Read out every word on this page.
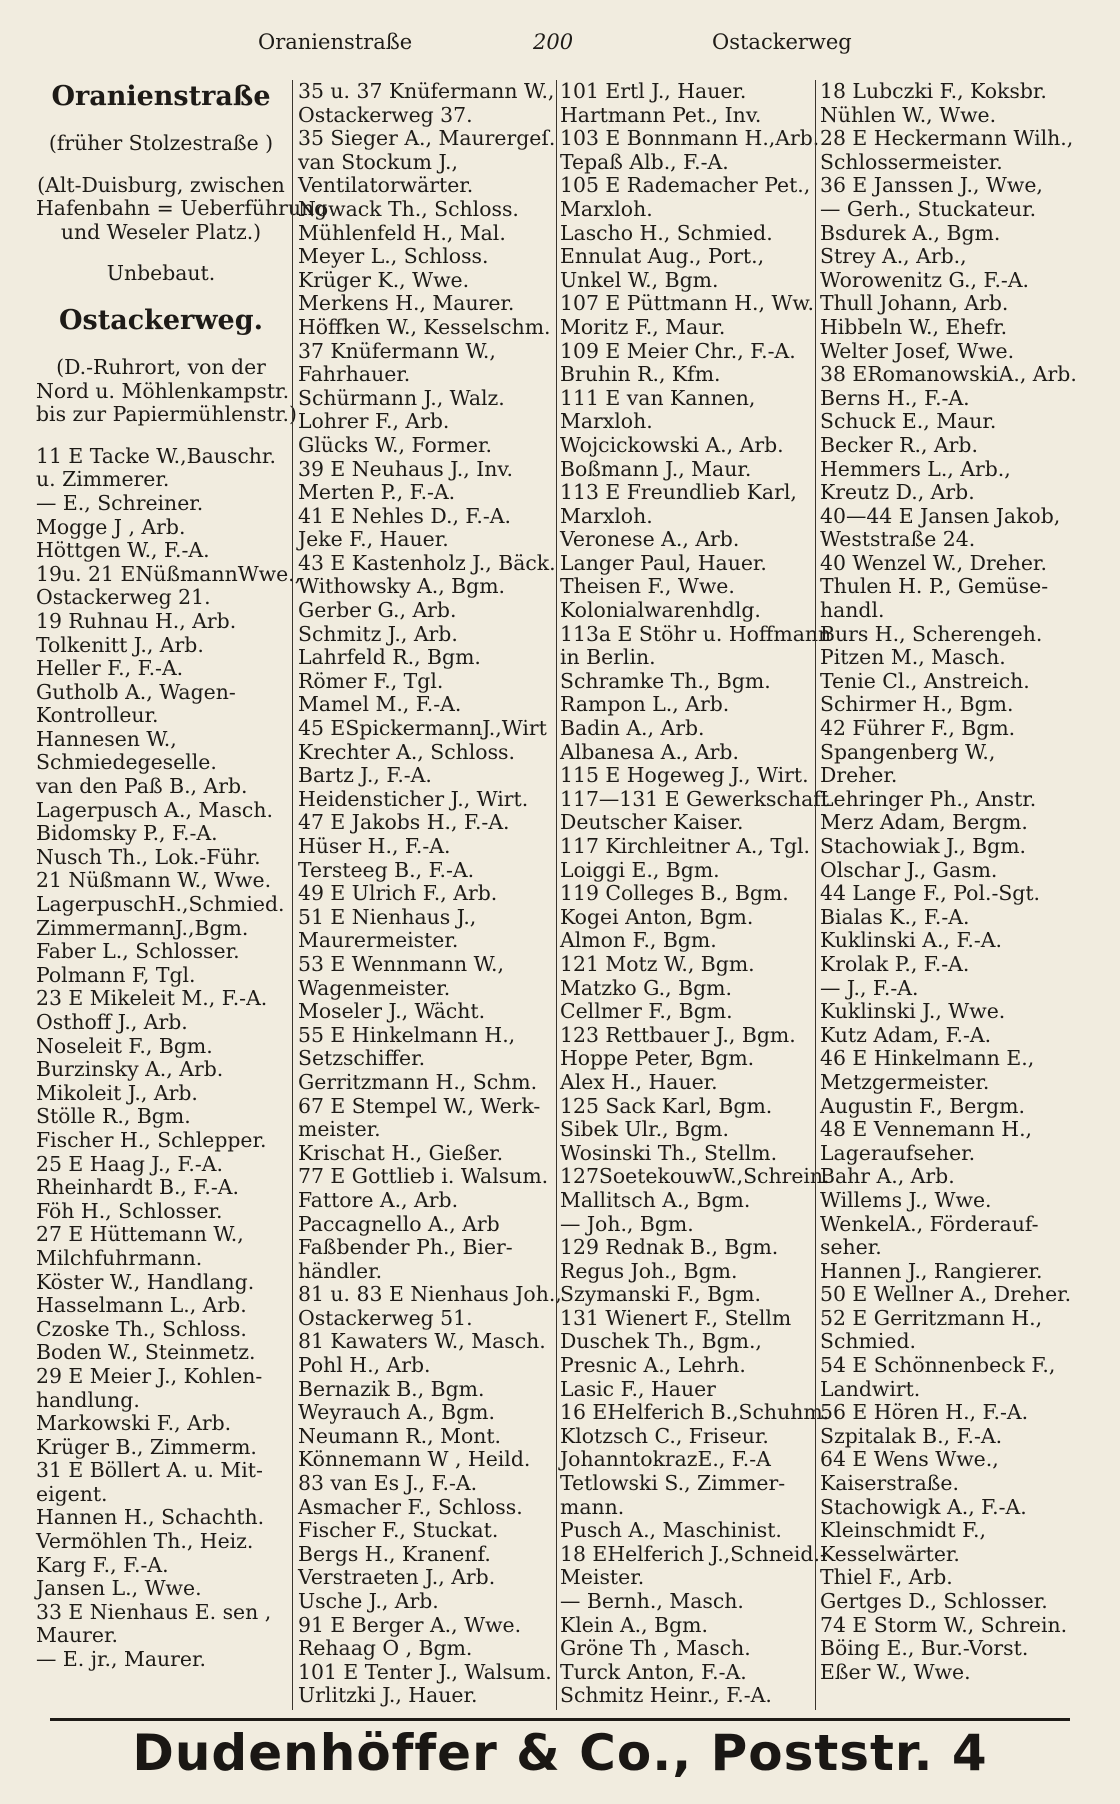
Oranienstraße	200	Ostackerweg
Oranienstraße
(früher Stolzestraße )
(Alt-Duisburg, zwischen
Hafenbahn = Ueberführung
und Weseler Platz.)
Unbebaut.
Ostackerweg.
(D.-Ruhrort, von der
Nord u. Möhlenkampstr.
bis zur Papiermühlenstr.)
11 E Tacke W.,Bauschr.
u. Zimmerer.
— E., Schreiner.
Mogge J , Arb.
Höttgen W., F.-A.
19u. 21 ENüßmannWwe.,
Ostackerweg 21.
19 Ruhnau H., Arb.
Tolkenitt J., Arb.
Heller F., F.-A.
Gutholb A., Wagen-
Kontrolleur.
Hannesen W.,
Schmiedegeselle.
van den Paß B., Arb.
Lagerpusch A., Masch.
Bidomsky P., F.-A.
Nusch Th., Lok.-Führ.
21 Nüßmann W., Wwe.
LagerpuschH.,Schmied.
ZimmermannJ.,Bgm.
Faber L., Schlosser.
Polmann F, Tgl.
23 E Mikeleit M., F.-A.
Osthoff J., Arb.
Noseleit F., Bgm.
Burzinsky A., Arb.
Mikoleit J., Arb.
Stölle R., Bgm.
Fischer H., Schlepper.
25 E Haag J., F.-A.
Rheinhardt B., F.-A.
Föh H., Schlosser.
27 E Hüttemann W.,
Milchfuhrmann.
Köster W., Handlang.
Hasselmann L., Arb.
Czoske Th., Schloss.
Boden W., Steinmetz.
29 E Meier J., Kohlen-
handlung.
Markowski F., Arb.
Krüger B., Zimmerm.
31 E Böllert A. u. Mit-
eigent.
Hannen H., Schachth.
Vermöhlen Th., Heiz.
Karg F., F.-A.
Jansen L., Wwe.
33 E Nienhaus E. sen ,
Maurer.
— E. jr., Maurer.
35 u. 37 Knüfermann W.,
Ostackerweg 37.
35 Sieger A., Maurergeſ.
van Stockum J.,
Ventilatorwärter.
Nowack Th., Schloss.
Mühlenfeld H., Mal.
Meyer L., Schloss.
Krüger K., Wwe.
Merkens H., Maurer.
Höffken W., Kesselschm.
37 Knüfermann W.,
Fahrhauer.
Schürmann J., Walz.
Lohrer F., Arb.
Glücks W., Former.
39 E Neuhaus J., Inv.
Merten P., F.-A.
41 E Nehles D., F.-A.
Jeke F., Hauer.
43 E Kastenholz J., Bäck.
Withowsky A., Bgm.
Gerber G., Arb.
Schmitz J., Arb.
Lahrfeld R., Bgm.
Römer F., Tgl.
Mamel M., F.-A.
45 ESpickermannJ.,Wirt
Krechter A., Schloss.
Bartz J., F.-A.
Heidensticher J., Wirt.
47 E Jakobs H., F.-A.
Hüser H., F.-A.
Tersteeg B., F.-A.
49 E Ulrich F., Arb.
51 E Nienhaus J.,
Maurermeister.
53 E Wennmann W.,
Wagenmeister.
Moseler J., Wächt.
55 E Hinkelmann H.,
Setzschiffer.
Gerritzmann H., Schm.
67 E Stempel W., Werk-
meister.
Krischat H., Gießer.
77 E Gottlieb i. Walsum.
Fattore A., Arb.
Paccagnello A., Arb
Faßbender Ph., Bier-
händler.
81 u. 83 E Nienhaus Joh.,
Ostackerweg 51.
81 Kawaters W., Masch.
Pohl H., Arb.
Bernazik B., Bgm.
Weyrauch A., Bgm.
Neumann R., Mont.
Könnemann W , Heild.
83 van Es J., F.-A.
Asmacher F., Schloss.
Fischer F., Stuckat.
Bergs H., Kranenf.
Verstraeten J., Arb.
Usche J., Arb.
91 E Berger A., Wwe.
Rehaag O , Bgm.
101 E Tenter J., Walsum.
Urlitzki J., Hauer.
101 Ertl J., Hauer.
Hartmann Pet., Inv.
103 E Bonnmann H.,Arb.
Tepaß Alb., F.-A.
105 E Rademacher Pet.,
Marxloh.
Lascho H., Schmied.
Ennulat Aug., Port.,
Unkel W., Bgm.
107 E Püttmann H., Ww.
Moritz F., Maur.
109 E Meier Chr., F.-A.
Bruhin R., Kfm.
111 E van Kannen,
Marxloh.
Wojcickowski A., Arb.
Boßmann J., Maur.
113 E Freundlieb Karl,
Marxloh.
Veronese A., Arb.
Langer Paul, Hauer.
Theisen F., Wwe.
Kolonialwarenhdlg.
113a E Stöhr u. Hoffmann
in Berlin.
Schramke Th., Bgm.
Rampon L., Arb.
Badin A., Arb.
Albanesa A., Arb.
115 E Hogeweg J., Wirt.
117—131 E Gewerkschaft
Deutscher Kaiser.
117 Kirchleitner A., Tgl.
Loiggi E., Bgm.
119 Colleges B., Bgm.
Kogei Anton, Bgm.
Almon F., Bgm.
121 Motz W., Bgm.
Matzko G., Bgm.
Cellmer F., Bgm.
123 Rettbauer J., Bgm.
Hoppe Peter, Bgm.
Alex H., Hauer.
125 Sack Karl, Bgm.
Sibek Ulr., Bgm.
Wosinski Th., Stellm.
127SoetekouwW.,Schrein.
Mallitsch A., Bgm.
— Joh., Bgm.
129 Rednak B., Bgm.
Regus Joh., Bgm.
Szymanski F., Bgm.
131 Wienert F., Stellm
Duschek Th., Bgm.,
Presnic A., Lehrh.
Lasic F., Hauer
16 EHelferich B.,Schuhm.
Klotzsch C., Friseur.
JohanntokrazE., F.-A
Tetlowski S., Zimmer-
mann.
Pusch A., Maschinist.
18 EHelferich J.,Schneid.-
Meister.
— Bernh., Masch.
Klein A., Bgm.
Gröne Th , Masch.
Turck Anton, F.-A.
Schmitz Heinr., F.-A.
18 Lubczki F., Koksbr.
Nühlen W., Wwe.
28 E Heckermann Wilh.,
Schlossermeister.
36 E Janssen J., Wwe,
— Gerh., Stuckateur.
Bsdurek A., Bgm.
Strey A., Arb.,
Worowenitz G., F.-A.
Thull Johann, Arb.
Hibbeln W., Ehefr.
Welter Josef, Wwe.
38 ERomanowskiA., Arb.
Berns H., F.-A.
Schuck E., Maur.
Becker R., Arb.
Hemmers L., Arb.,
Kreutz D., Arb.
40—44 E Jansen Jakob,
Weststraße 24.
40 Wenzel W., Dreher.
Thulen H. P., Gemüse-
handl.
Burs H., Scherengeh.
Pitzen M., Masch.
Tenie Cl., Anstreich.
Schirmer H., Bgm.
42 Führer F., Bgm.
Spangenberg W.,
Dreher.
Lehringer Ph., Anstr.
Merz Adam, Bergm.
Stachowiak J., Bgm.
Olschar J., Gasm.
44 Lange F., Pol.-Sgt.
Bialas K., F.-A.
Kuklinski A., F.-A.
Krolak P., F.-A.
— J., F.-A.
Kuklinski J., Wwe.
Kutz Adam, F.-A.
46 E Hinkelmann E.,
Metzgermeister.
Augustin F., Bergm.
48 E Vennemann H.,
Lageraufseher.
Bahr A., Arb.
Willems J., Wwe.
WenkelA., Förderauf-
seher.
Hannen J., Rangierer.
50 E Wellner A., Dreher.
52 E Gerritzmann H.,
Schmied.
54 E Schönnenbeck F.,
Landwirt.
56 E Hören H., F.-A.
Szpitalak B., F.-A.
64 E Wens Wwe.,
Kaiserstraße.
Stachowigk A., F.-A.
Kleinschmidt F.,
Kesselwärter.
Thiel F., Arb.
Gertges D., Schlosser.
74 E Storm W., Schrein.
Böing E., Bur.-Vorst.
Eßer W., Wwe.
Dudenhöffer & Co., Poststr. 4
